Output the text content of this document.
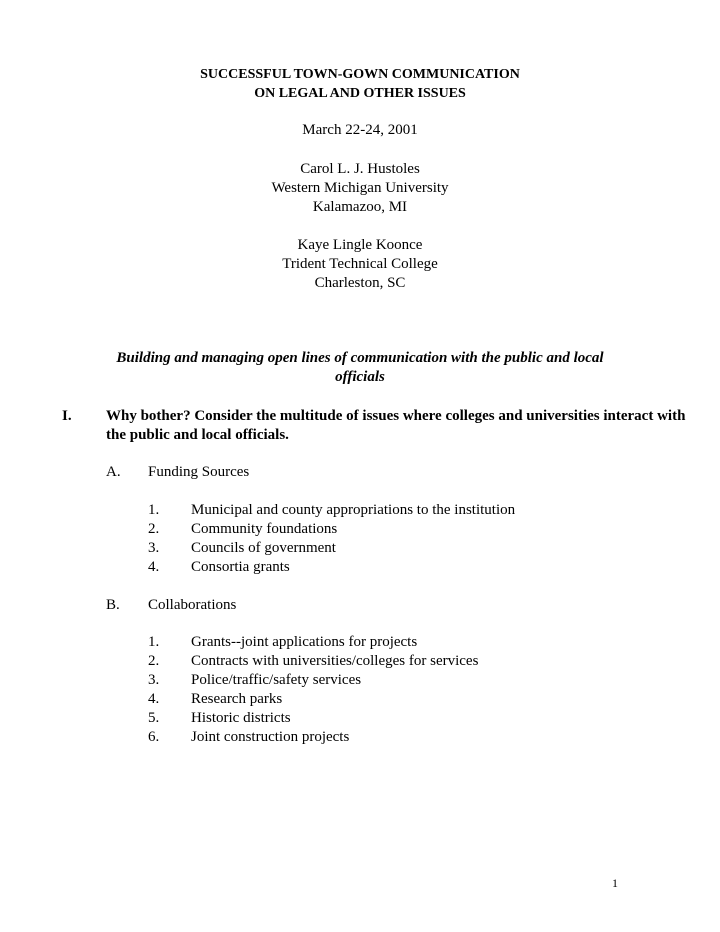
SUCCESSFUL TOWN-GOWN COMMUNICATION
ON LEGAL AND OTHER ISSUES
March 22-24, 2001
Carol L. J. Hustoles
Western Michigan University
Kalamazoo, MI
Kaye Lingle Koonce
Trident Technical College
Charleston, SC
Building and managing open lines of communication with the public and local
officials
I. Why bother? Consider the multitude of issues where colleges and universities interact with the public and local officials.
A. Funding Sources
1. Municipal and county appropriations to the institution
2. Community foundations
3. Councils of government
4. Consortia grants
B. Collaborations
1. Grants--joint applications for projects
2. Contracts with universities/colleges for services
3. Police/traffic/safety services
4. Research parks
5. Historic districts
6. Joint construction projects
1
